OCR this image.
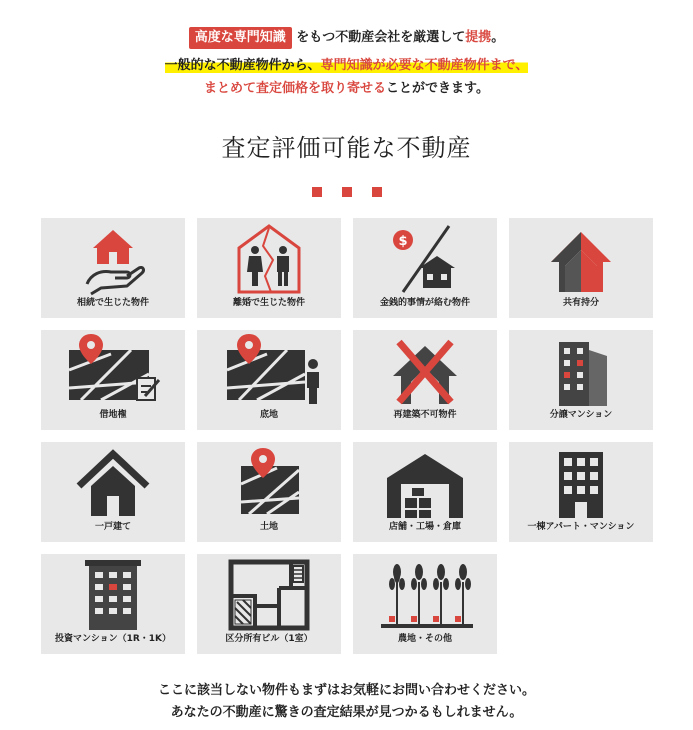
高度な専門知識 をもつ不動産会社を厳選して提携。
一般的な不動産物件から、専門知識が必要な不動産物件まで、
まとめて査定価格を取り寄せることができます。
査定評価可能な不動産
相続で生じた物件	離婚で生じた物件
$
金銭的事情が絡む物件	共有持分
借地権	底地	再建築不可物件	分譲マンション
一戸建て	土地	店舗・工場・倉庫	一棟アパート・マンション
投資マンション（1R・1K）	区分所有ビル（1室）	農地・その他
ここに該当しない物件もまずはお気軽にお問い合わせください。
あなたの不動産に驚きの査定結果が見つかるもしれません。
